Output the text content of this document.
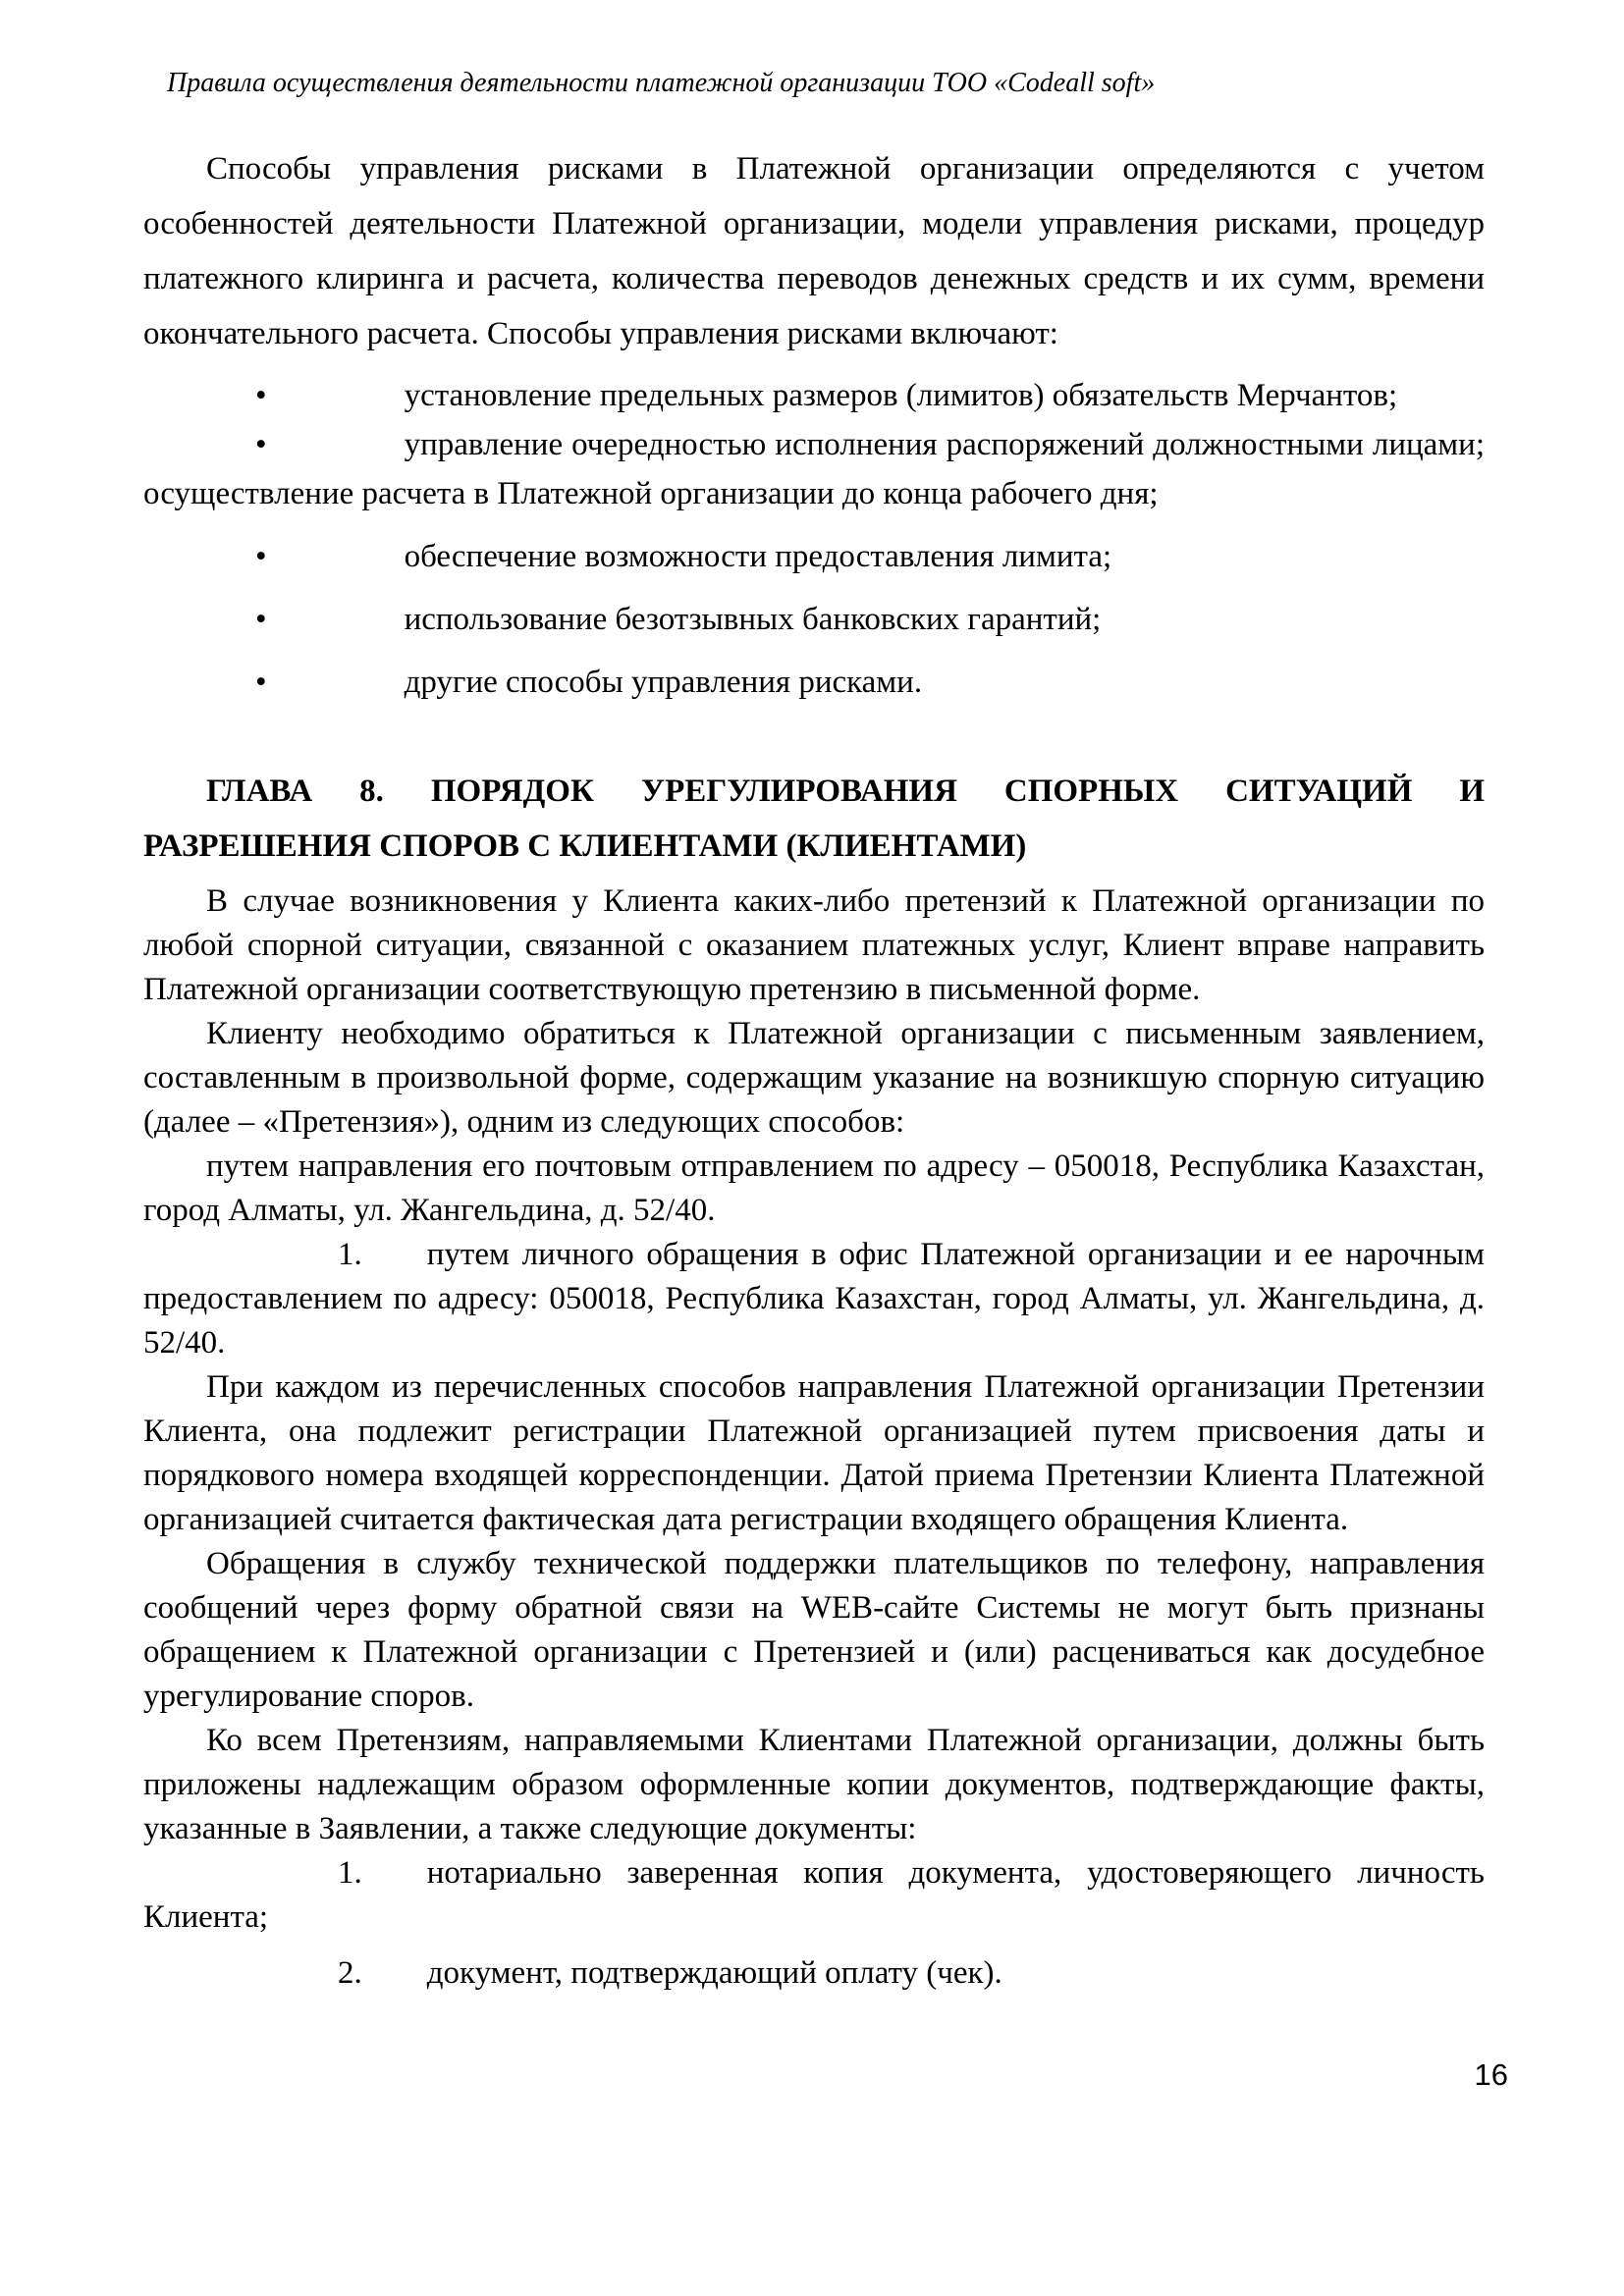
Правила осуществления деятельности платежной организации ТОО «Codeall soft»

Способы управления рисками в Платежной организации определяются с учетом особенностей деятельности Платежной организации, модели управления рисками, процедур платежного клиринга и расчета, количества переводов денежных средств и их сумм, времени окончательного расчета. Способы управления рисками включают:

•	установление предельных размеров (лимитов) обязательств Мерчантов;

•	управление очередностью исполнения распоряжений должностными лицами; осуществление расчета в Платежной организации до конца рабочего дня;

•	обеспечение возможности предоставления лимита;

•	использование безотзывных банковских гарантий;

•	другие способы управления рисками.

ГЛАВА 8. ПОРЯДОК УРЕГУЛИРОВАНИЯ СПОРНЫХ СИТУАЦИЙ И
РАЗРЕШЕНИЯ СПОРОВ С КЛИЕНТАМИ (КЛИЕНТАМИ)

В случае возникновения у Клиента каких-либо претензий к Платежной организации по любой спорной ситуации, связанной с оказанием платежных услуг, Клиент вправе направить Платежной организации соответствующую претензию в письменной форме.

Клиенту необходимо обратиться к Платежной организации с письменным заявлением, составленным в произвольной форме, содержащим указание на возникшую спорную ситуацию (далее – «Претензия»), одним из следующих способов:

путем направления его почтовым отправлением по адресу – 050018, Республика Казахстан, город Алматы, ул. Жангельдина, д. 52/40.

1. путем личного обращения в офис Платежной организации и ее нарочным предоставлением по адресу: 050018, Республика Казахстан, город Алматы, ул. Жангельдина, д. 52/40.

При каждом из перечисленных способов направления Платежной организации Претензии Клиента, она подлежит регистрации Платежной организацией путем присвоения даты и порядкового номера входящей корреспонденции. Датой приема Претензии Клиента Платежной организацией считается фактическая дата регистрации входящего обращения Клиента.

Обращения в службу технической поддержки плательщиков по телефону, направления сообщений через форму обратной связи на WEB-сайте Системы не могут быть признаны обращением к Платежной организации с Претензией и (или) расцениваться как досудебное урегулирование споров.

Ко всем Претензиям, направляемыми Клиентами Платежной организации, должны быть приложены надлежащим образом оформленные копии документов, подтверждающие факты, указанные в Заявлении, а также следующие документы:

1. нотариально заверенная копия документа, удостоверяющего личность Клиента;

2. документ, подтверждающий оплату (чек).

16
